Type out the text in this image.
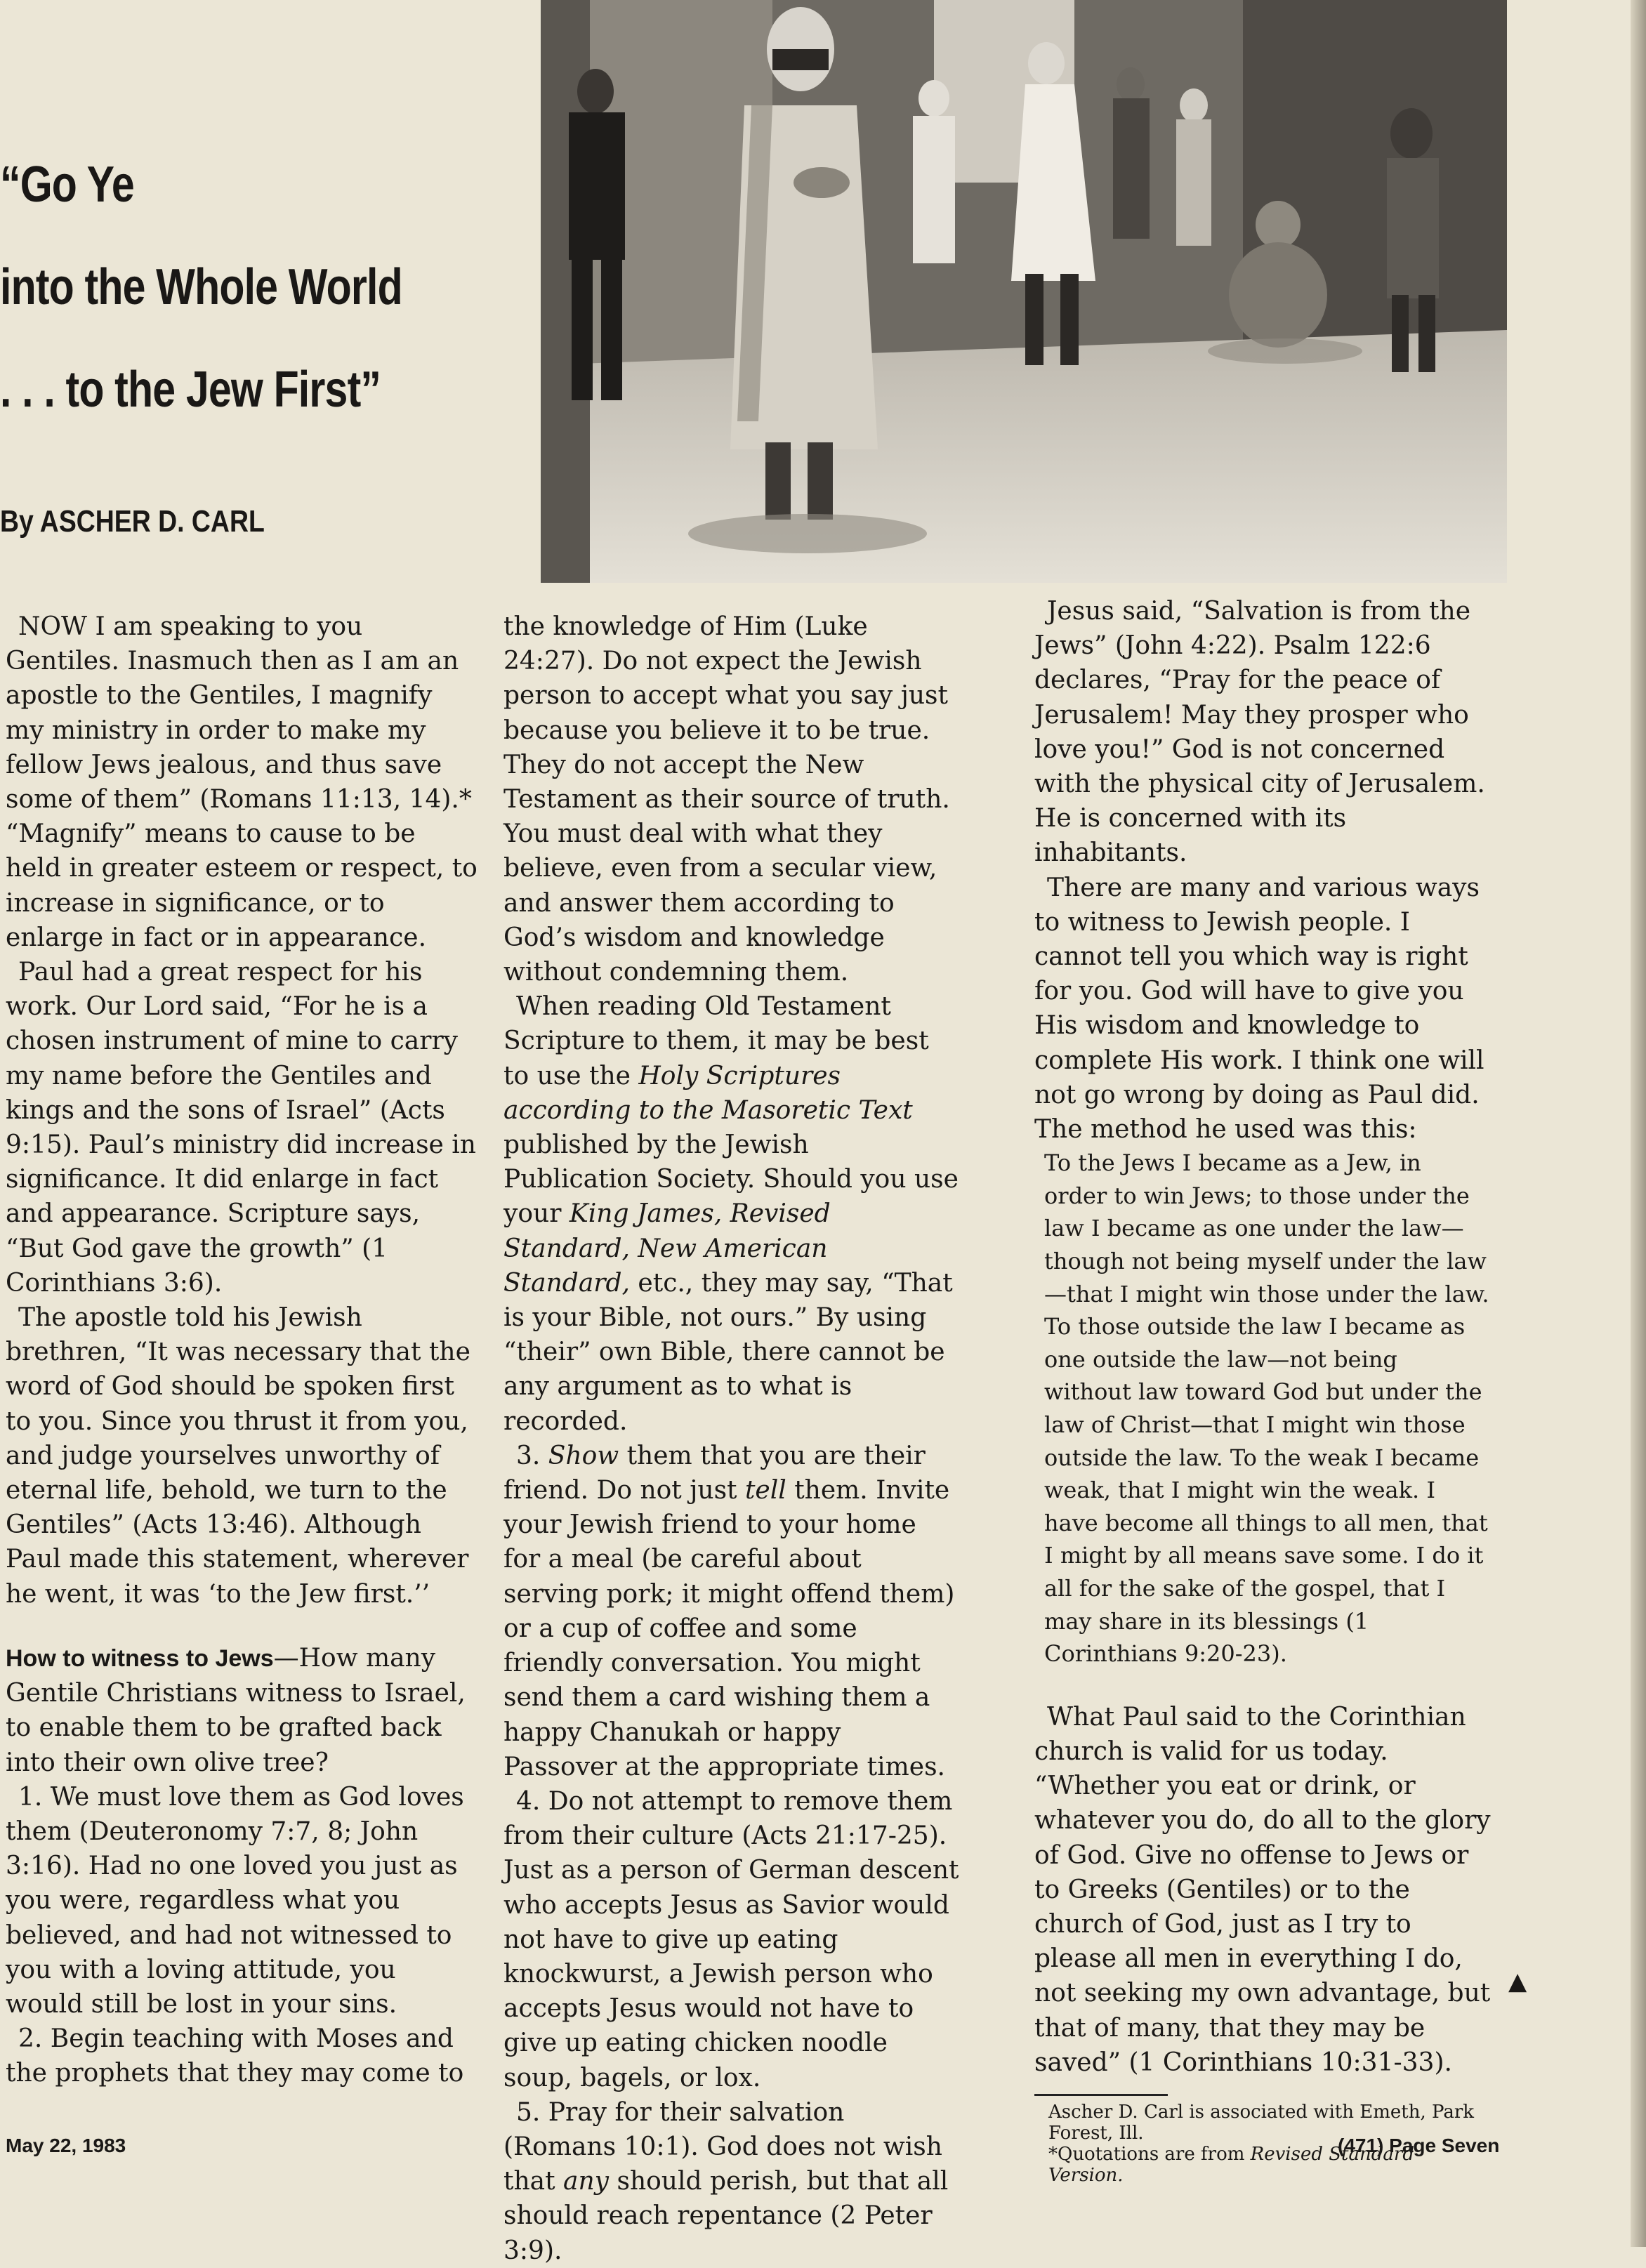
“Go Ye
into the Whole World
. . . to the Jew First”
By ASCHER D. CARL

NOW I am speaking to you Gentiles. Inasmuch then as I am an apostle to the Gentiles, I magnify my ministry in order to make my fellow Jews jealous, and thus save some of them” (Romans 11:13, 14).* “Magnify” means to cause to be held in greater esteem or respect, to increase in significance, or to enlarge in fact or in appearance.

Paul had a great respect for his work. Our Lord said, “For he is a chosen instrument of mine to carry my name before the Gentiles and kings and the sons of Israel” (Acts 9:15). Paul’s ministry did increase in significance. It did enlarge in fact and appearance. Scripture says, “But God gave the growth” (1 Corinthians 3:6).

The apostle told his Jewish brethren, “It was necessary that the word of God should be spoken first to you. Since you thrust it from you, and judge yourselves unworthy of eternal life, behold, we turn to the Gentiles” (Acts 13:46). Although Paul made this statement, wherever he went, it was ‘to the Jew first.’’

How to witness to Jews—How many Gentile Christians witness to Israel, to enable them to be grafted back into their own olive tree?

1. We must love them as God loves them (Deuteronomy 7:7, 8; John 3:16). Had no one loved you just as you were, regardless what you believed, and had not witnessed to you with a loving attitude, you would still be lost in your sins.

2. Begin teaching with Moses and the prophets that they may come to

the knowledge of Him (Luke 24:27). Do not expect the Jewish person to accept what you say just because you believe it to be true. They do not accept the New Testament as their source of truth. You must deal with what they believe, even from a secular view, and answer them according to God’s wisdom and knowledge without condemning them.

When reading Old Testament Scripture to them, it may be best to use the Holy Scriptures according to the Masoretic Text published by the Jewish Publication Society. Should you use your King James, Revised Standard, New American Standard, etc., they may say, “That is your Bible, not ours.” By using “their” own Bible, there cannot be any argument as to what is recorded.

3. Show them that you are their friend. Do not just tell them. Invite your Jewish friend to your home for a meal (be careful about serving pork; it might offend them) or a cup of coffee and some friendly conversation. You might send them a card wishing them a happy Chanukah or happy Passover at the appropriate times.

4. Do not attempt to remove them from their culture (Acts 21:17-25). Just as a person of German descent who accepts Jesus as Savior would not have to give up eating knockwurst, a Jewish person who accepts Jesus would not have to give up eating chicken noodle soup, bagels, or lox.

5. Pray for their salvation (Romans 10:1). God does not wish that any should perish, but that all should reach repentance (2 Peter 3:9).

Jesus said, “Salvation is from the Jews” (John 4:22). Psalm 122:6 declares, “Pray for the peace of Jerusalem! May they prosper who love you!” God is not concerned with the physical city of Jerusalem. He is concerned with its inhabitants.

There are many and various ways to witness to Jewish people. I cannot tell you which way is right for you. God will have to give you His wisdom and knowledge to complete His work. I think one will not go wrong by doing as Paul did. The method he used was this:

To the Jews I became as a Jew, in order to win Jews; to those under the law I became as one under the law—though not being myself under the law—that I might win those under the law. To those outside the law I became as one outside the law—not being without law toward God but under the law of Christ—that I might win those outside the law. To the weak I became weak, that I might win the weak. I have become all things to all men, that I might by all means save some. I do it all for the sake of the gospel, that I may share in its blessings (1 Corinthians 9:20-23).

What Paul said to the Corinthian church is valid for us today. “Whether you eat or drink, or whatever you do, do all to the glory of God. Give no offense to Jews or to Greeks (Gentiles) or to the church of God, just as I try to please all men in everything I do, not seeking my own advantage, but that of many, that they may be saved” (1 Corinthians 10:31-33).

Ascher D. Carl is associated with Emeth, Park Forest, Ill.

*Quotations are from Revised Standard Version.

▲
May 22, 1983	(471) Page Seven
